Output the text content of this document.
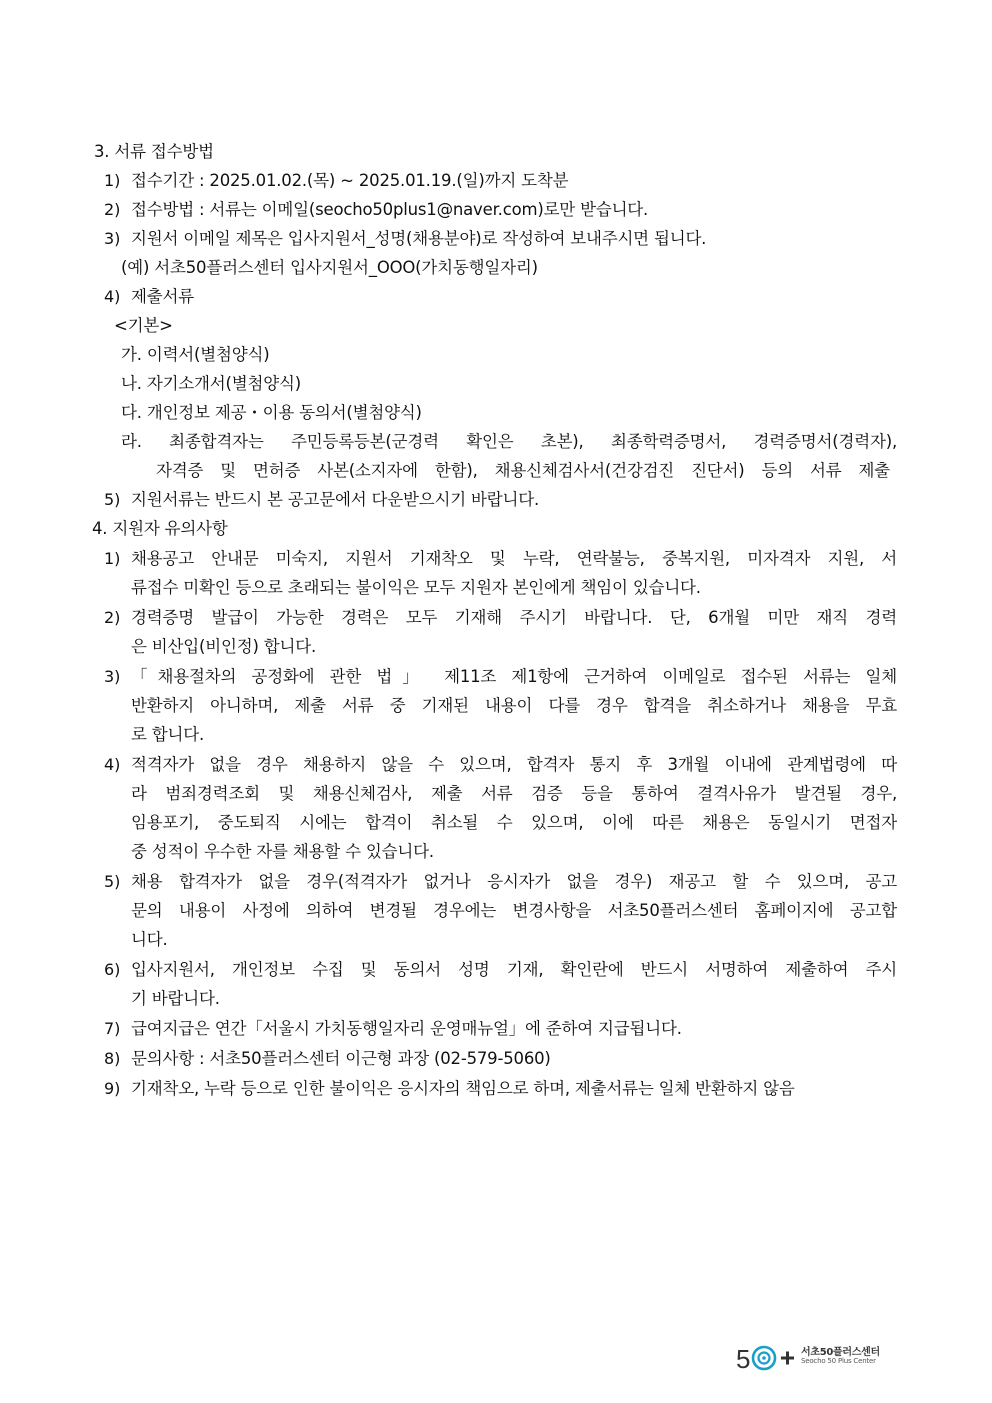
3. 서류 접수방법
1) 접수기간 : 2025.01.02.(목) ~ 2025.01.19.(일)까지 도착분
2) 접수방법 : 서류는 이메일(seocho50plus1@naver.com)로만 받습니다.
3) 지원서 이메일 제목은 입사지원서_성명(채용분야)로 작성하여 보내주시면 됩니다.
(예) 서초50플러스센터 입사지원서_OOO(가치동행일자리)
4) 제출서류
<기본>
가. 이력서(별첨양식)
나. 자기소개서(별첨양식)
다. 개인정보 제공・이용 동의서(별첨양식)
라. 최종합격자는 주민등록등본(군경력 확인은 초본), 최종학력증명서, 경력증명서(경력자),
자격증 및 면허증 사본(소지자에 한함), 채용신체검사서(건강검진 진단서) 등의 서류 제출
5) 지원서류는 반드시 본 공고문에서 다운받으시기 바랍니다.
4. 지원자 유의사항
1) 채용공고 안내문 미숙지, 지원서 기재착오 및 누락, 연락불능, 중복지원, 미자격자 지원, 서
류접수 미확인 등으로 초래되는 불이익은 모두 지원자 본인에게 책임이 있습니다.
2) 경력증명 발급이 가능한 경력은 모두 기재해 주시기 바랍니다. 단, 6개월 미만 재직 경력
은 비산입(비인정) 합니다.
3) 「채용절차의 공정화에 관한 법」 제11조 제1항에 근거하여 이메일로 접수된 서류는 일체
반환하지 아니하며, 제출 서류 중 기재된 내용이 다를 경우 합격을 취소하거나 채용을 무효
로 합니다.
4) 적격자가 없을 경우 채용하지 않을 수 있으며, 합격자 통지 후 3개월 이내에 관계법령에 따
라 범죄경력조회 및 채용신체검사, 제출 서류 검증 등을 통하여 결격사유가 발견될 경우,
임용포기, 중도퇴직 시에는 합격이 취소될 수 있으며, 이에 따른 채용은 동일시기 면접자
중 성적이 우수한 자를 채용할 수 있습니다.
5) 채용 합격자가 없을 경우(적격자가 없거나 응시자가 없을 경우) 재공고 할 수 있으며, 공고
문의 내용이 사정에 의하여 변경될 경우에는 변경사항을 서초50플러스센터 홈페이지에 공고합
니다.
6) 입사지원서, 개인정보 수집 및 동의서 성명 기재, 확인란에 반드시 서명하여 제출하여 주시
기 바랍니다.
7) 급여지급은 연간「서울시 가치동행일자리 운영매뉴얼」에 준하여 지급됩니다.
8) 문의사항 : 서초50플러스센터 이근형 과장 (02-579-5060)
9) 기재착오, 누락 등으로 인한 불이익은 응시자의 책임으로 하며, 제출서류는 일체 반환하지 않음
5	서초50플러스센터
Seocho 50 Plus Center
